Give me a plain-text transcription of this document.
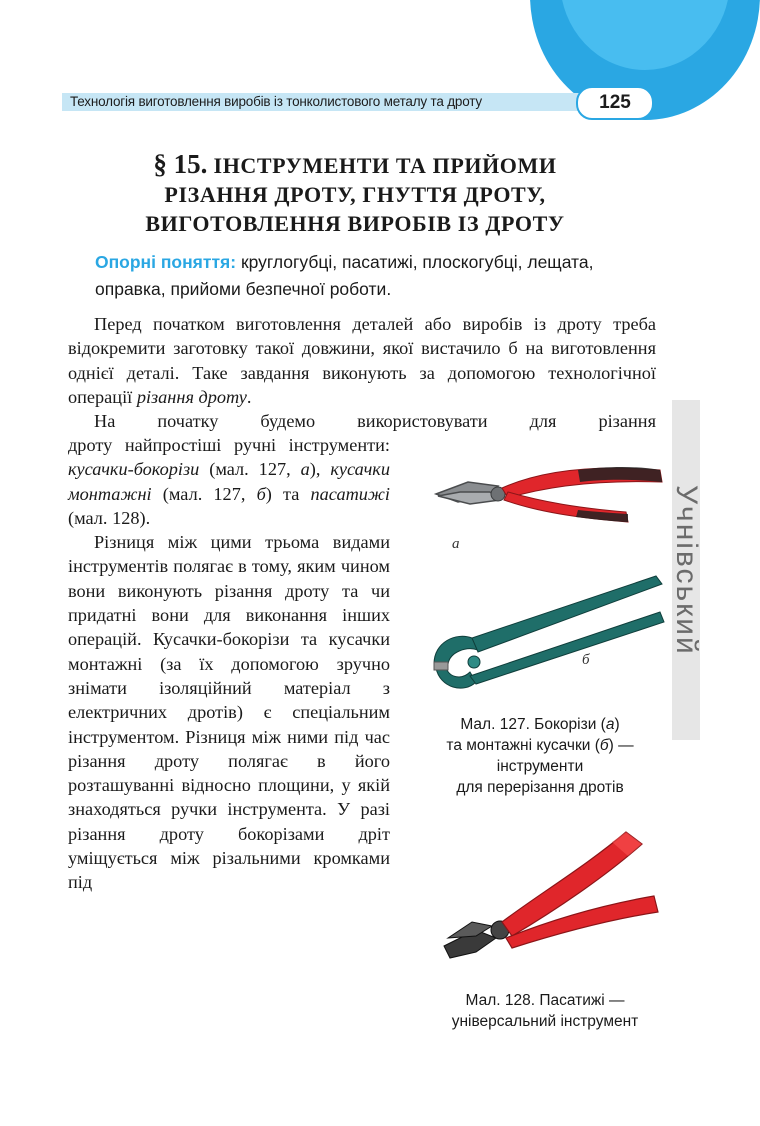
Технологія виготовлення виробів із тонколистового металу та дроту	125
§ 15. ІНСТРУМЕНТИ ТА ПРИЙОМИ
РІЗАННЯ ДРОТУ, ГНУТТЯ ДРОТУ,
ВИГОТОВЛЕННЯ ВИРОБІВ ІЗ ДРОТУ
Опорні поняття: круглогубці, пасатижі, плоскогубці, лещата, оправка, прийоми безпечної роботи.

Перед початком виготовлення деталей або виробів із дроту треба відокремити заготовку такої довжини, якої вистачило б на виготовлення однієї деталі. Таке завдання виконують за допомогою технологічної операції різання дроту.

На початку будемо використовувати для різання

дроту найпростіші ручні інструменти: кусачки-бокорізи (мал. 127, а), кусачки монтажні (мал. 127, б) та пасатижі (мал. 128).

Різниця між цими трьома видами інструментів полягає в тому, яким чином вони виконують різання дроту та чи придатні вони для виконання інших операцій. Кусачки-бокорізи та кусачки монтажні (за їх допомогою зручно знімати ізоляційний матеріал з електричних дротів) є спеціальним інструментом. Різниця між ними під час різання дроту полягає в його розташуванні відносно площини, у якій знаходяться ручки інструмента. У разі різання дроту бокорізами дріт уміщується між різальними кромками під

Учнівський
а
б
Мал. 127. Бокорізи (а)
та монтажні кусачки (б) —
інструменти
для перерізання дротів
Мал. 128. Пасатижі —
універсальний інструмент
